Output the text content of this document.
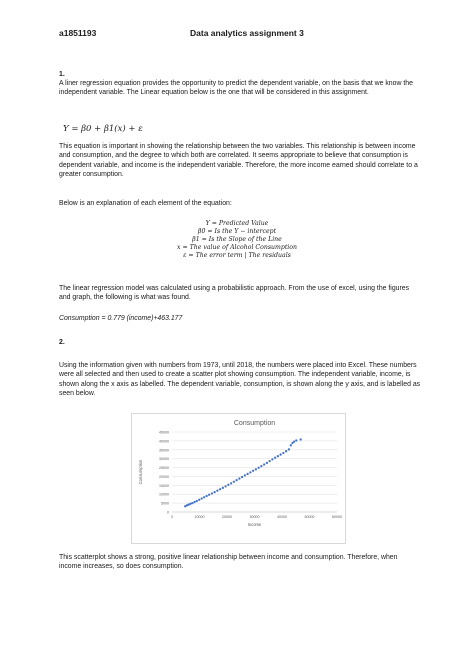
a1851193	Data analytics assignment 3
1.
A liner regression equation provides the opportunity to predict the dependent variable, on the basis that we know the independent variable. The Linear equation below is the one that will be considered in this assignment.
Y = β0 + β1(x) + ε
This equation is important in showing the relationship between the two variables. This relationship is between income and consumption, and the degree to which both are correlated. It seems appropriate to believe that consumption is dependent variable, and income is the independent variable. Therefore, the more income earned should correlate to a greater consumption.
Below is an explanation of each element of the equation:
Y = Predicted Value
β0 = Is the Y − intercept
β1 = Is the Slope of the Line
x = The value of Alcohol Consumption
ε = The error term | The residuals
The linear regression model was calculated using a probabilistic approach. From the use of excel, using the figures and graph, the following is what was found.
Consumption = 0.779 (income)+463.177
2.
Using the information given with numbers from 1973, until 2018, the numbers were placed into Excel. These numbers were all selected and then used to create a scatter plot showing consumption. The independent variable, income, is shown along the x axis as labelled. The dependent variable, consumption, is shown along the y axis, and is labelled as seen below.
0
5000
10000
15000
20000
25000
30000
35000
40000
45000
0	10000	20000	30000	40000	50000	60000
Consumption
Income
Consumption
This scatterplot shows a strong, positive linear relationship between income and consumption. Therefore, when income increases, so does consumption.
